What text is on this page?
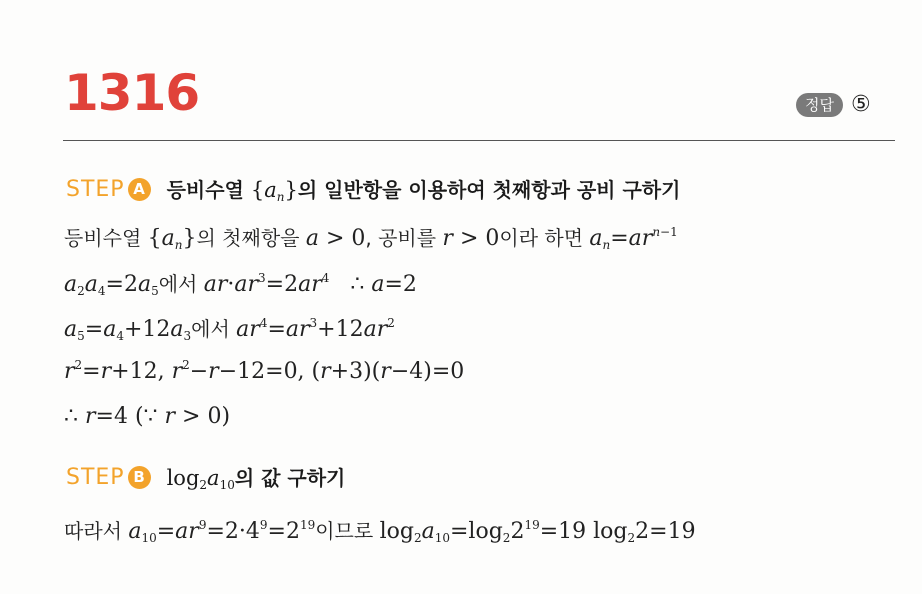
1316	정답 ⑤
STEP A 등비수열 $\{a_n\}$의 일반항을 이용하여 첫째항과 공비 구하기
등비수열 $\{a_n\}$의 첫째항을 a > 0, 공비를 r > 0이라 하면 $a_n=ar^{n-1}$
$a_2a_4=2a_5$에서 $ar\cdot ar^3=2ar^4$   ∴ a=2
$a_5=a_4+12a_3$에서 $ar^4=ar^3+12ar^2$
$r^2=r+12$, $r^2-r-12=0$, (r+3)(r−4)=0
∴ r=4 (∵ r > 0)
STEP B $\log_2a_{10}$의 값 구하기
따라서 $a_{10}=ar^9=2\cdot 4^9=2^{19}$이므로 $\log_2a_{10}=\log_22^{19}=19$ $\log_22=19$
